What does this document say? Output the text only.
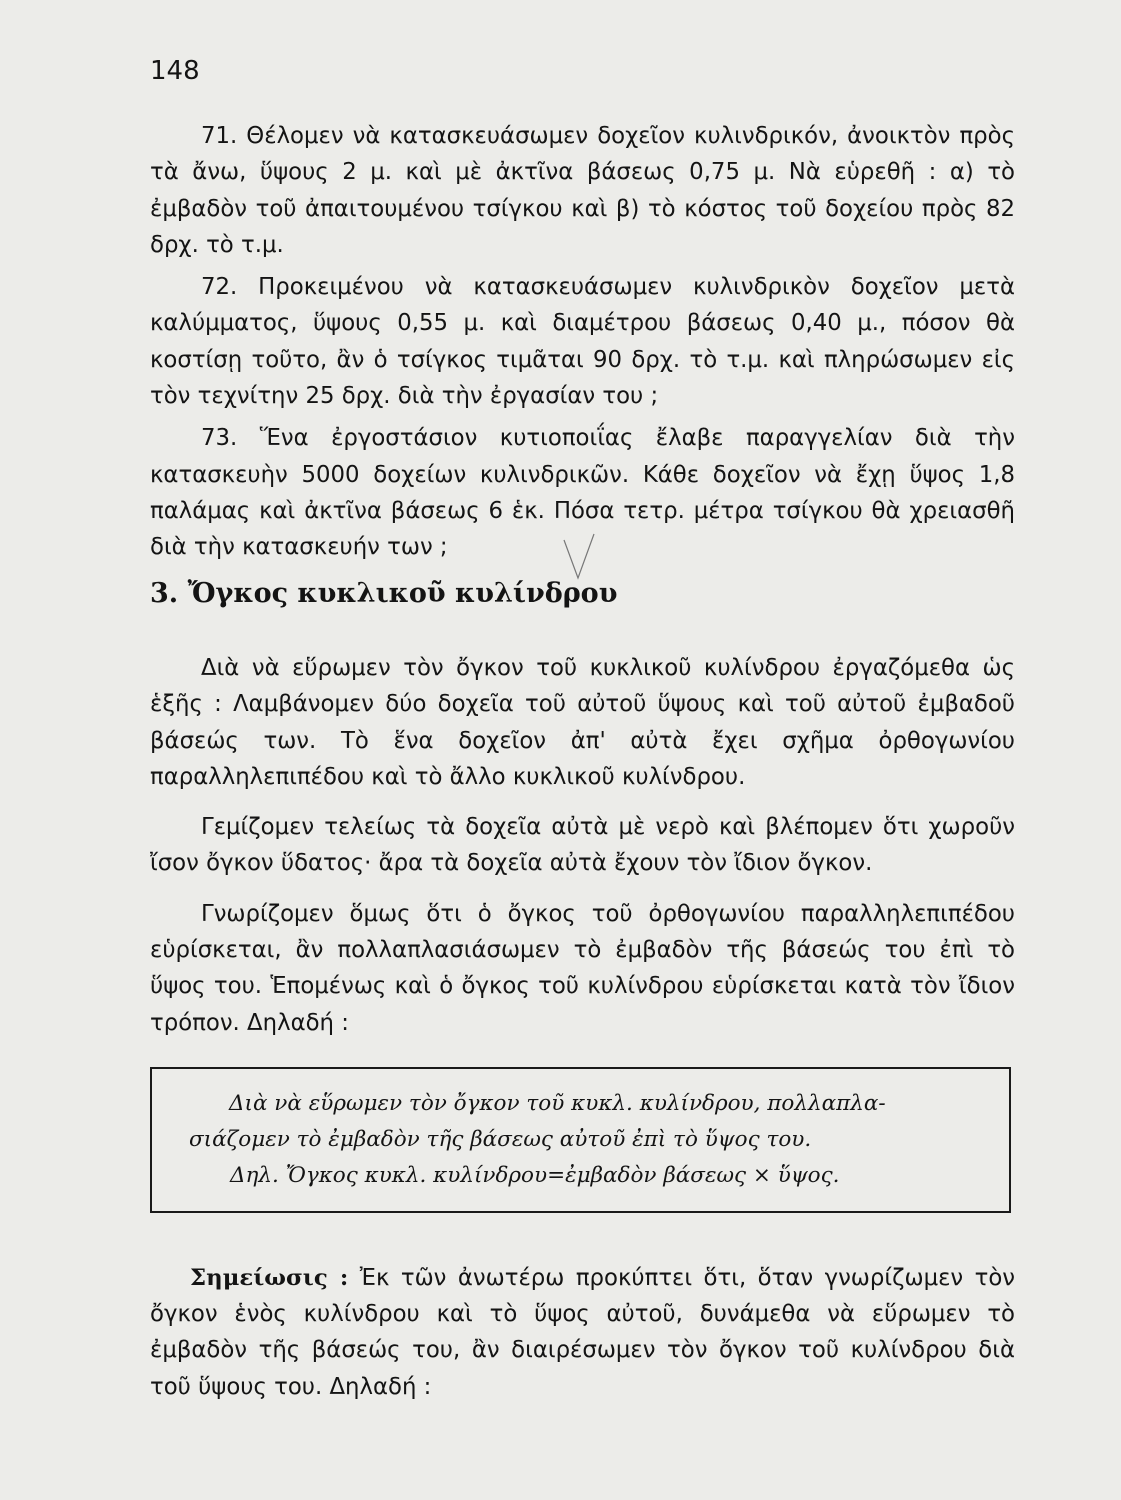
148

71. Θέλομεν νὰ κατασκευάσωμεν δοχεῖον κυλινδρικόν, ἀνοικτὸν πρὸς τὰ ἄνω, ὕψους 2 μ. καὶ μὲ ἀκτῖνα βάσεως 0,75 μ. Νὰ εὑρεθῆ : α) τὸ ἐμβαδὸν τοῦ ἀπαιτουμένου τσίγκου καὶ β) τὸ κόστος τοῦ δοχείου πρὸς 82 δρχ. τὸ τ.μ.

72. Προκειμένου νὰ κατασκευάσωμεν κυλινδρικὸν δοχεῖον μετὰ καλύμματος, ὕψους 0,55 μ. καὶ διαμέτρου βάσεως 0,40 μ., πόσον θὰ κοστίσῃ τοῦτο, ἂν ὁ τσίγκος τιμᾶται 90 δρχ. τὸ τ.μ. καὶ πληρώσωμεν εἰς τὸν τεχνίτην 25 δρχ. διὰ τὴν ἐργασίαν του ;

73. Ἕνα ἐργοστάσιον κυτιοποιΐας ἔλαβε παραγγελίαν διὰ τὴν κατασκευὴν 5000 δοχείων κυλινδρικῶν. Κάθε δοχεῖον νὰ ἔχῃ ὕψος 1,8 παλάμας καὶ ἀκτῖνα βάσεως 6 ἑκ. Πόσα τετρ. μέτρα τσίγκου θὰ χρειασθῆ διὰ τὴν κατασκευήν των ;

3. Ὄγκος κυκλικοῦ κυλίνδρου

Διὰ νὰ εὕρωμεν τὸν ὄγκον τοῦ κυκλικοῦ κυλίνδρου ἐργαζόμεθα ὡς ἑξῆς : Λαμβάνομεν δύο δοχεῖα τοῦ αὐτοῦ ὕψους καὶ τοῦ αὐτοῦ ἐμβαδοῦ βάσεώς των. Τὸ ἕνα δοχεῖον ἀπ' αὐτὰ ἔχει σχῆμα ὀρθογωνίου παραλληλεπιπέδου καὶ τὸ ἄλλο κυκλικοῦ κυλίνδρου.

Γεμίζομεν τελείως τὰ δοχεῖα αὐτὰ μὲ νερὸ καὶ βλέπομεν ὅτι χωροῦν ἴσον ὄγκον ὕδατος· ἄρα τὰ δοχεῖα αὐτὰ ἔχουν τὸν ἴδιον ὄγκον.

Γνωρίζομεν ὅμως ὅτι ὁ ὄγκος τοῦ ὀρθογωνίου παραλληλεπιπέδου εὑρίσκεται, ἂν πολλαπλασιάσωμεν τὸ ἐμβαδὸν τῆς βάσεώς του ἐπὶ τὸ ὕψος του. Ἑπομένως καὶ ὁ ὄγκος τοῦ κυλίνδρου εὑρίσκεται κατὰ τὸν ἴδιον τρόπον. Δηλαδή :

Διὰ νὰ εὕρωμεν τὸν ὄγκον τοῦ κυκλ. κυλίνδρου, πολλαπλα-
σιάζομεν τὸ ἐμβαδὸν τῆς βάσεως αὐτοῦ ἐπὶ τὸ ὕψος του.
Δηλ. Ὄγκος κυκλ. κυλίνδρου=ἐμβαδὸν βάσεως × ὕψος.

Σημείωσις : Ἐκ τῶν ἀνωτέρω προκύπτει ὅτι, ὅταν γνωρίζωμεν τὸν ὄγκον ἑνὸς κυλίνδρου καὶ τὸ ὕψος αὐτοῦ, δυνάμεθα νὰ εὕρωμεν τὸ ἐμβαδὸν τῆς βάσεώς του, ἂν διαιρέσωμεν τὸν ὄγκον τοῦ κυλίνδρου διὰ τοῦ ὕψους του. Δηλαδή :
